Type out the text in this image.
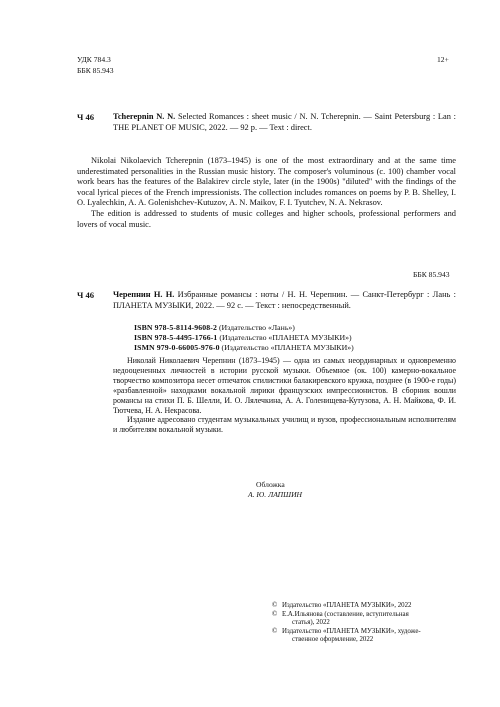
УДК 784.3
ББК 85.943
12+
Ч 46 Tcherepnin N. N. Selected Romances : sheet music / N. N. Tcherepnin. — Saint Petersburg : Lan : THE PLANET OF MUSIC, 2022. — 92 p. — Text : direct.

Nikolai Nikolaevich Tcherepnin (1873–1945) is one of the most extraordinary and at the same time underestimated personalities in the Russian music history. The composer's voluminous (c. 100) chamber vocal work bears has the features of the Balakirev circle style, later (in the 1900s) "diluted" with the findings of the vocal lyrical pieces of the French impressionists. The collection includes romances on poems by P. B. Shelley, I. O. Lyalechkin, A. A. Golenishchev-Kutuzov, A. N. Maikov, F. I. Tyutchev, N. A. Nekrasov.

The edition is addressed to students of music colleges and higher schools, professional performers and lovers of vocal music.

ББК 85.943
Ч 46 Черепнин Н. Н. Избранные романсы : ноты / Н. Н. Черепнин. — Санкт-Петербург : Лань : ПЛАНЕТА МУЗЫКИ, 2022. — 92 с. — Текст : непосредственный.

ISBN 978-5-8114-9608-2 (Издательство «Лань»)

ISBN 978-5-4495-1766-1 (Издательство «ПЛАНЕТА МУЗЫКИ»)

ISMN 979-0-66005-976-0 (Издательство «ПЛАНЕТА МУЗЫКИ»)

Николай Николаевич Черепнин (1873–1945) — одна из самых неординарных и одновременно недооцененных личностей в истории русской музыки. Объемное (ок. 100) камерно-вокальное творчество композитора несет отпечаток стилистики балакиревского кружка, позднее (в 1900-е годы) «разбавленной» находками вокальной лирики французских импрессионистов. В сборник вошли романсы на стихи П. Б. Шелли, И. О. Лялечкина, А. А. Голенищева-Кутузова, А. Н. Майкова, Ф. И. Тютчева, Н. А. Некрасова.

Издание адресовано студентам музыкальных училищ и вузов, профессиональным исполнителям и любителям вокальной музыки.

Обложка
А. Ю. ЛАПШИН
© Издательство «ПЛАНЕТА МУЗЫКИ», 2022
© Е.А.Ильянова (составление, вступительная
статья), 2022
© Издательство «ПЛАНЕТА МУЗЫКИ», художе-
ственное оформление, 2022
